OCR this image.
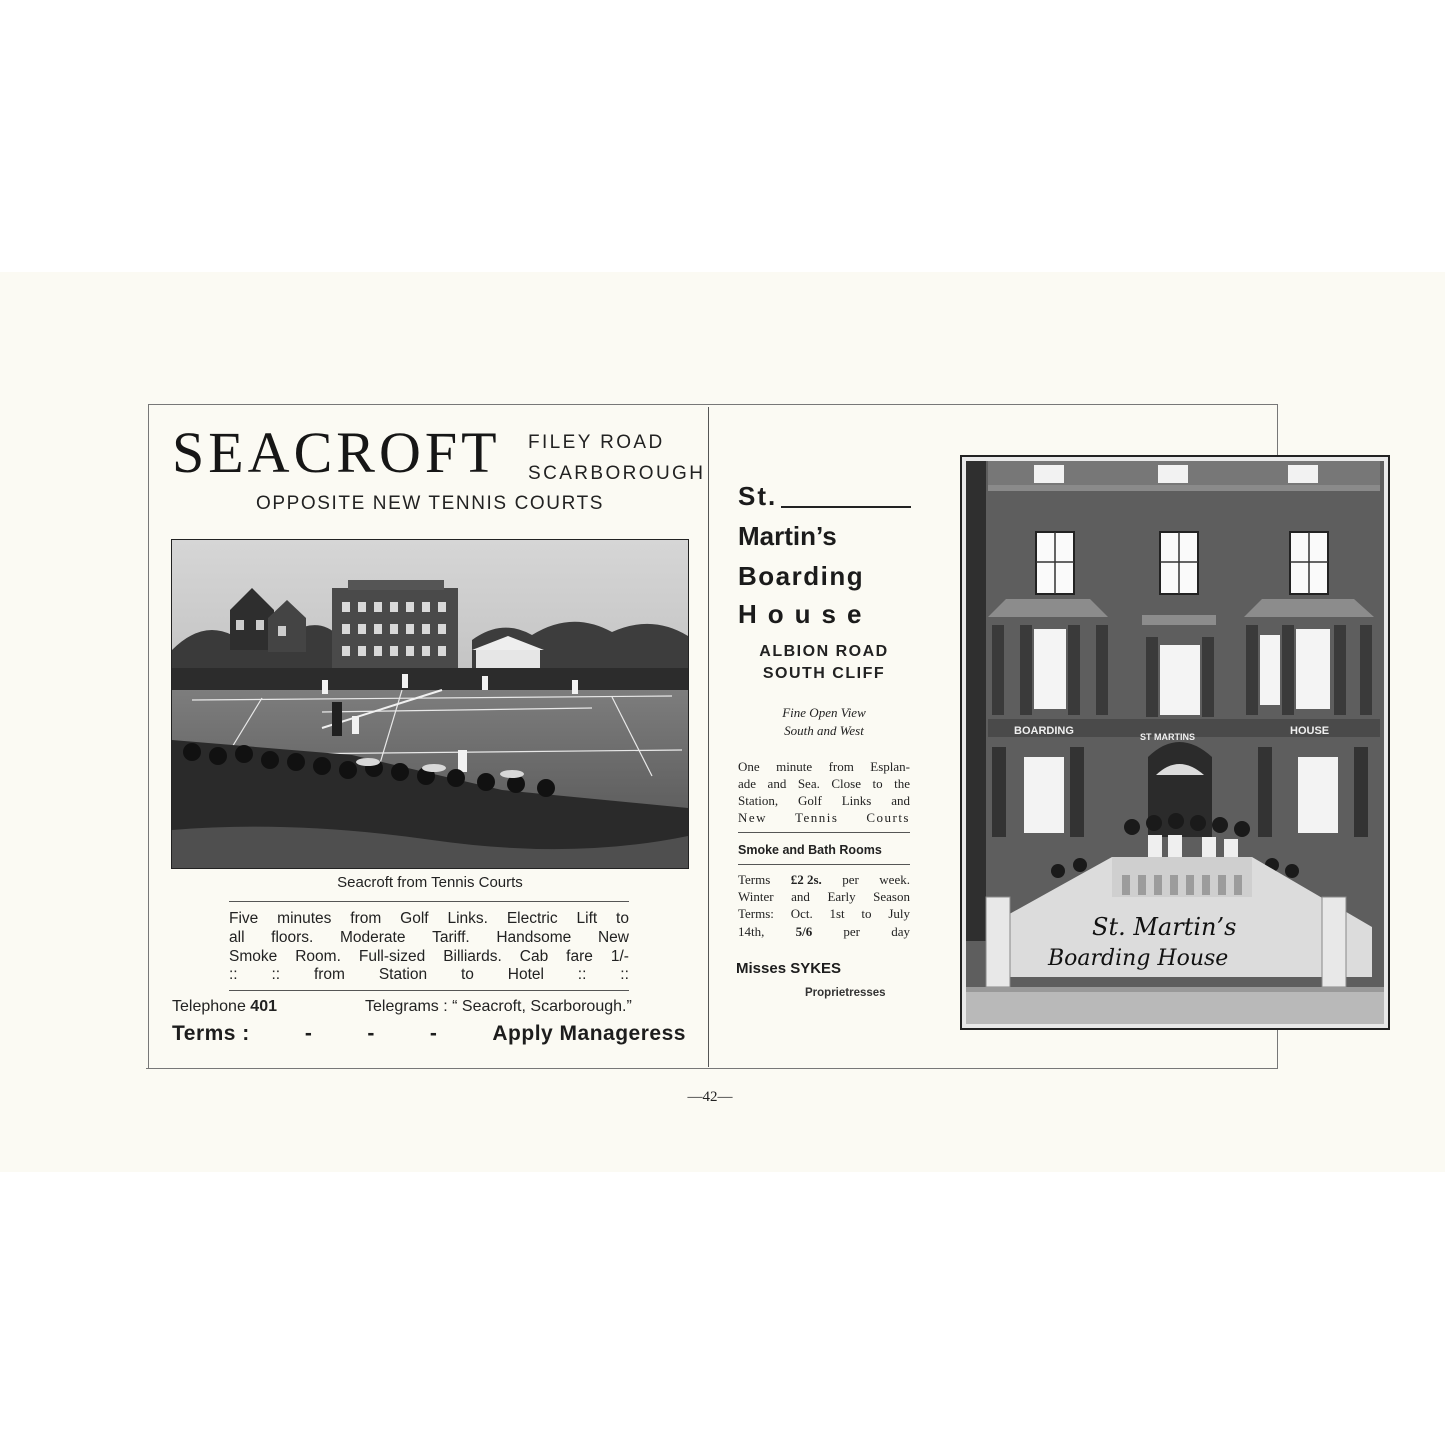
SEACROFT FILEY ROAD
SCARBOROUGH
OPPOSITE NEW TENNIS COURTS
Seacroft from Tennis Courts
Five minutes from Golf Links. Electric Lift to
all floors. Moderate Tariff. Handsome New
Smoke Room. Full-sized Billiards. Cab fare 1/-
:: :: from Station to Hotel :: ::
Telephone 401	Telegrams : “ Seacroft, Scarborough.”
Terms :	-	-	-	Apply Manageress
St.
Martin’s
Boarding
House
ALBION ROAD
SOUTH CLIFF
Fine Open View
South and West
One minute from Esplan-
ade and Sea. Close to the
Station, Golf Links and
New Tennis Courts
Smoke and Bath Rooms
Terms £2 2s. per week.
Winter and Early Season
Terms: Oct. 1st to July
14th, 5/6 per day
Misses SYKES
Proprietresses
BOARDING	ST MARTINS	HOUSE
St. Martin’s
Boarding House
—42—
